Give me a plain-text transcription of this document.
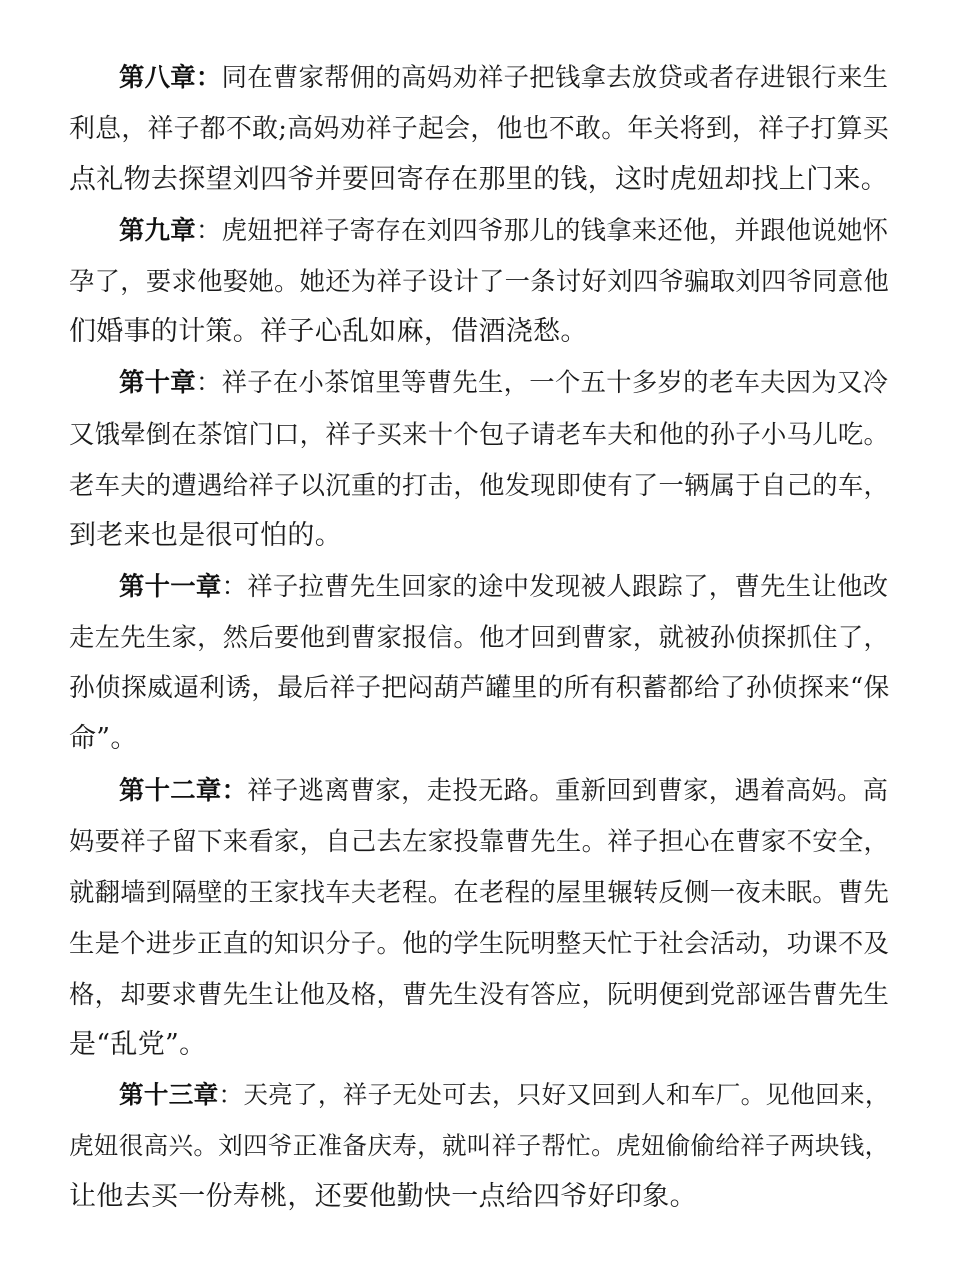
第八章：同在曹家帮佣的高妈劝祥子把钱拿去放贷或者存进银行来生
利息，祥子都不敢;高妈劝祥子起会，他也不敢。年关将到，祥子打算买
点礼物去探望刘四爷并要回寄存在那里的钱，这时虎妞却找上门来。
第九章：虎妞把祥子寄存在刘四爷那儿的钱拿来还他，并跟他说她怀
孕了，要求他娶她。她还为祥子设计了一条讨好刘四爷骗取刘四爷同意他
们婚事的计策。祥子心乱如麻，借酒浇愁。
第十章：祥子在小茶馆里等曹先生，一个五十多岁的老车夫因为又冷
又饿晕倒在茶馆门口，祥子买来十个包子请老车夫和他的孙子小马儿吃。
老车夫的遭遇给祥子以沉重的打击，他发现即使有了一辆属于自己的车，
到老来也是很可怕的。
第十一章：祥子拉曹先生回家的途中发现被人跟踪了，曹先生让他改
走左先生家，然后要他到曹家报信。他才回到曹家，就被孙侦探抓住了，
孙侦探威逼利诱，最后祥子把闷葫芦罐里的所有积蓄都给了孙侦探来“保
命”。
第十二章：祥子逃离曹家，走投无路。重新回到曹家，遇着高妈。高
妈要祥子留下来看家，自己去左家投靠曹先生。祥子担心在曹家不安全，
就翻墙到隔壁的王家找车夫老程。在老程的屋里辗转反侧一夜未眠。曹先
生是个进步正直的知识分子。他的学生阮明整天忙于社会活动，功课不及
格，却要求曹先生让他及格，曹先生没有答应，阮明便到党部诬告曹先生
是“乱党”。
第十三章：天亮了，祥子无处可去，只好又回到人和车厂。见他回来，
虎妞很高兴。刘四爷正准备庆寿，就叫祥子帮忙。虎妞偷偷给祥子两块钱，
让他去买一份寿桃，还要他勤快一点给四爷好印象。
